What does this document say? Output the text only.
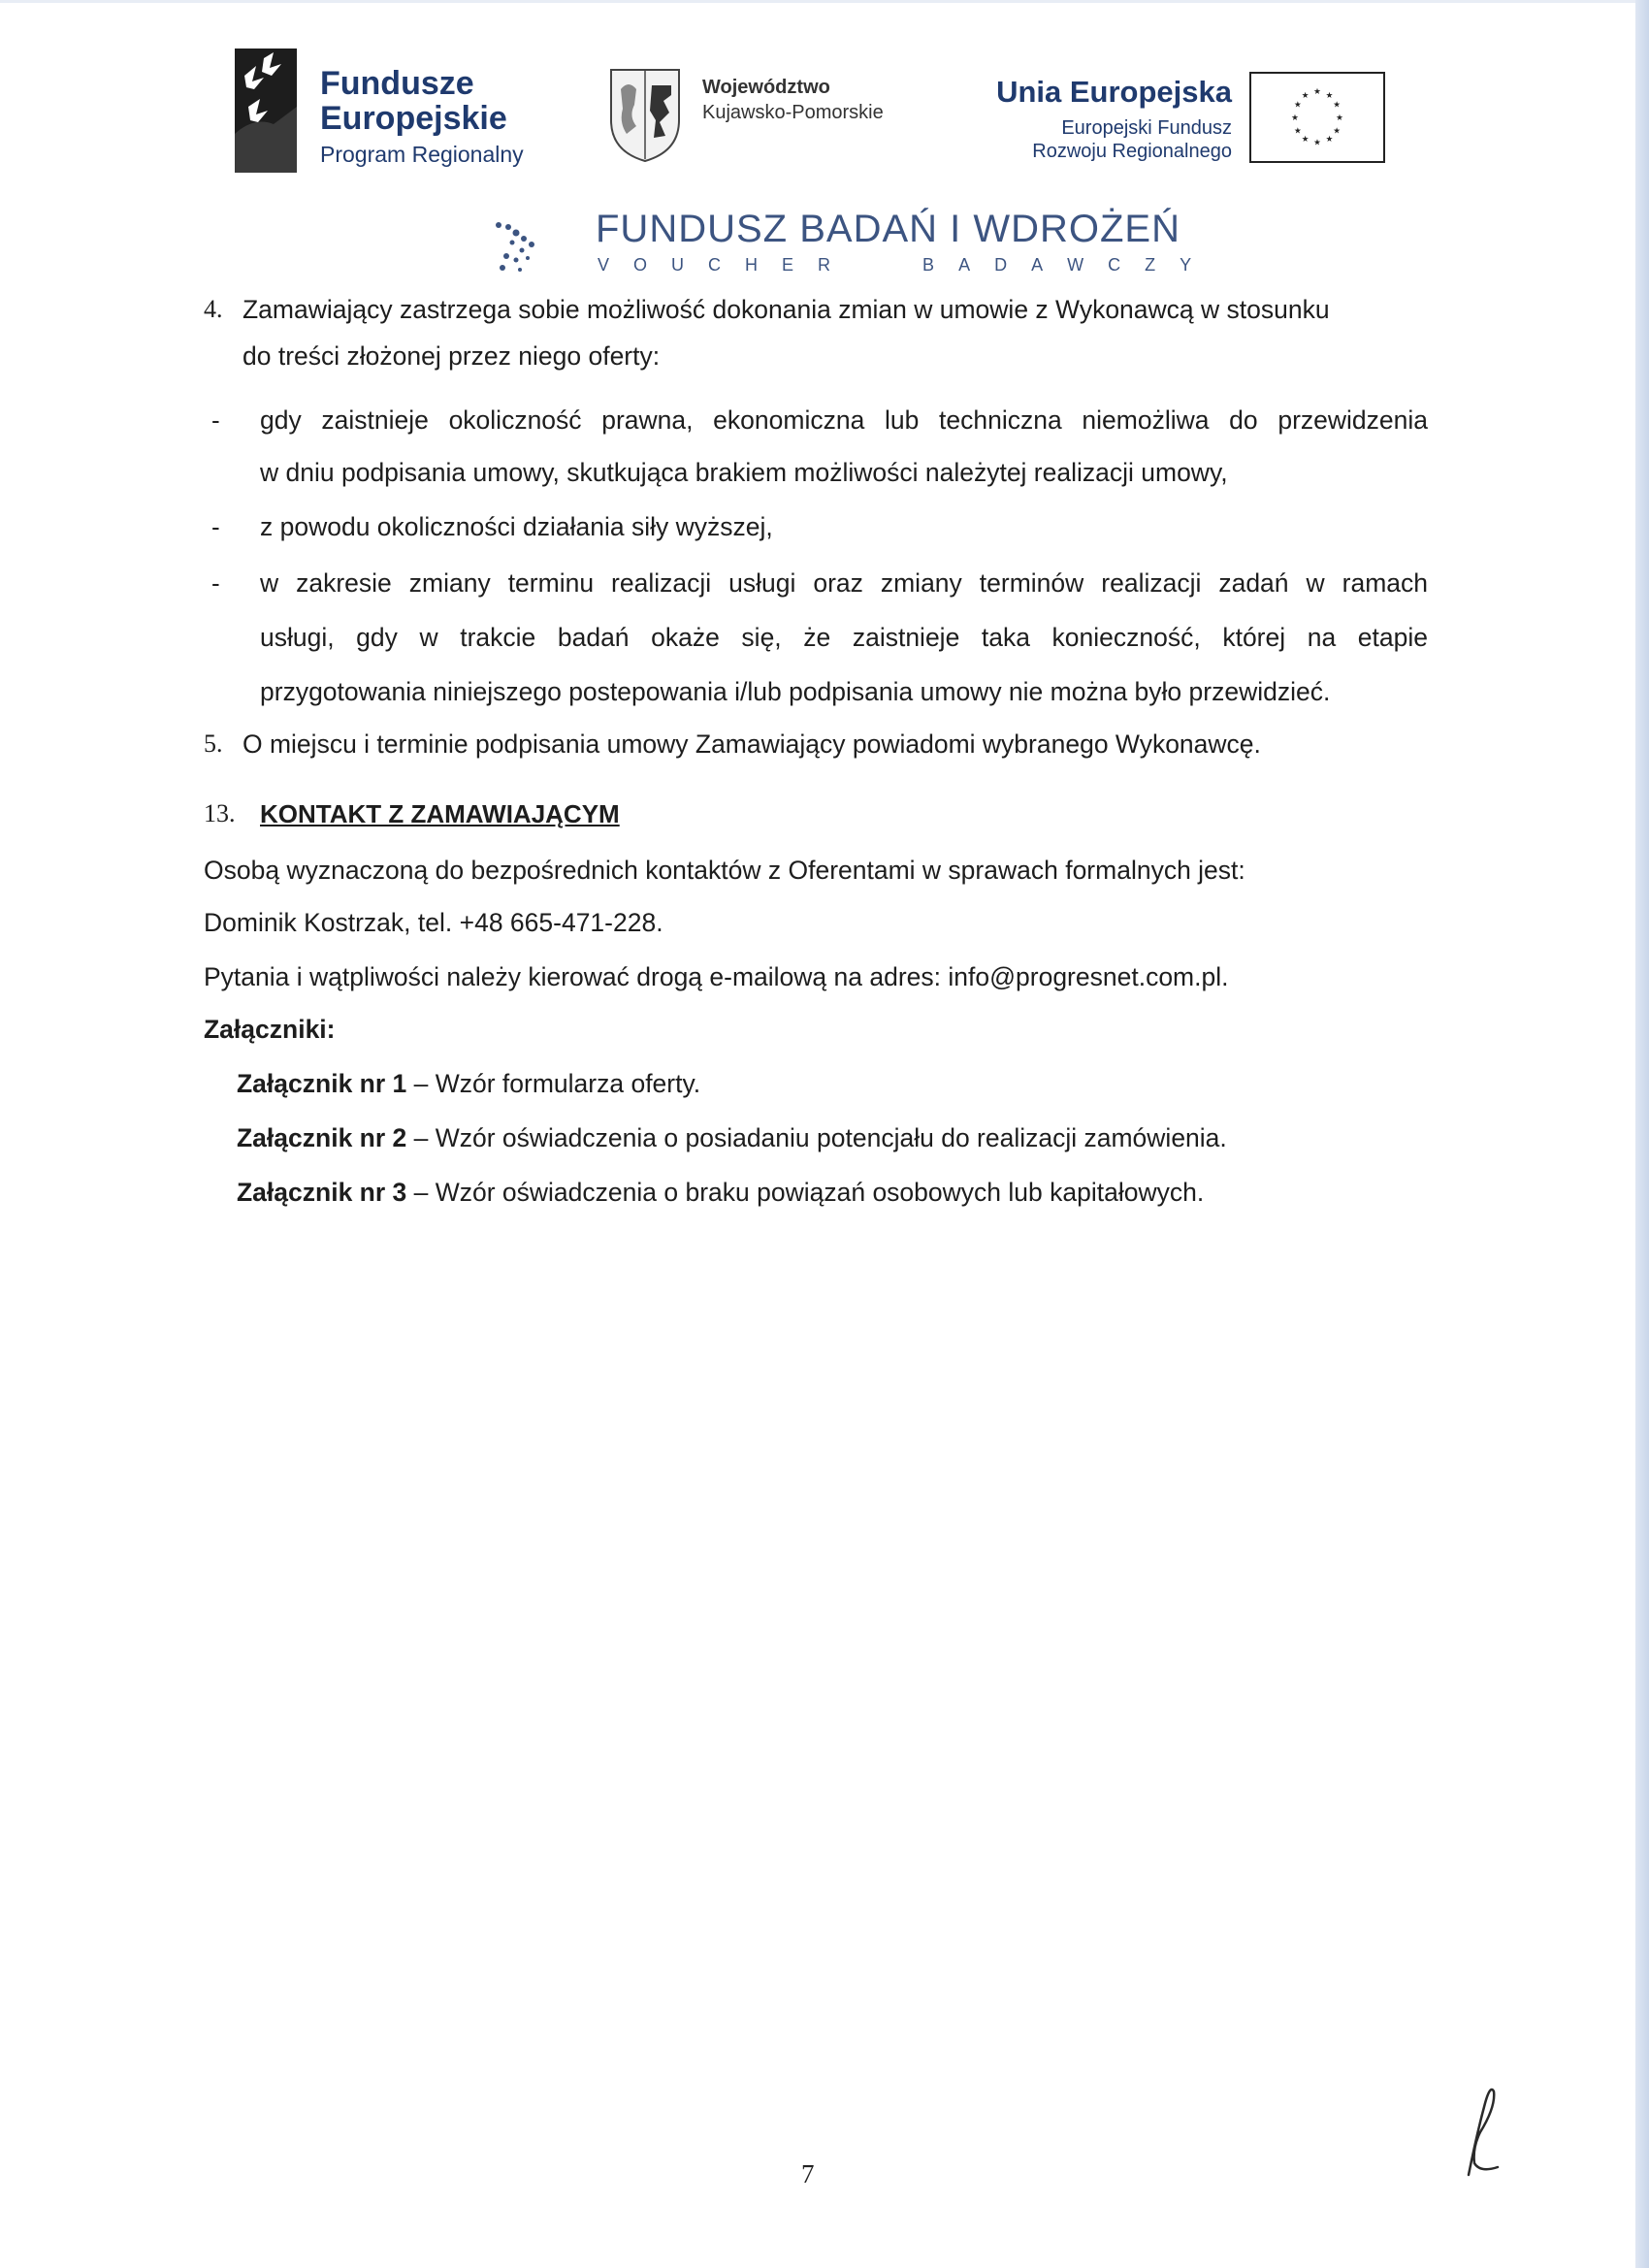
Fundusze
Europejskie
Program Regionalny
Województwo
Kujawsko-Pomorskie
Unia Europejska
Europejski Fundusz
Rozwoju Regionalnego
★ ★
★
★
★
★
★
★
★
★
★
★
FUNDUSZ BADAŃ I WDROŻEŃ
V O U C H E R	B A D A W C Z Y
4. Zamawiający zastrzega sobie możliwość dokonania zmian w umowie z Wykonawcą w stosunku
do treści złożonej przez niego oferty:
- gdy zaistnieje okoliczność prawna, ekonomiczna lub techniczna niemożliwa do przewidzenia
w dniu podpisania umowy, skutkująca brakiem możliwości należytej realizacji umowy,
- z powodu okoliczności działania siły wyższej,
- w zakresie zmiany terminu realizacji usługi oraz zmiany terminów realizacji zadań w ramach
usługi, gdy w trakcie badań okaże się, że zaistnieje taka konieczność, której na etapie
przygotowania niniejszego postepowania i/lub podpisania umowy nie można było przewidzieć.
5. O miejscu i terminie podpisania umowy Zamawiający powiadomi wybranego Wykonawcę.
13. KONTAKT Z ZAMAWIAJĄCYM
Osobą wyznaczoną do bezpośrednich kontaktów z Oferentami w sprawach formalnych jest:
Dominik Kostrzak, tel. +48 665-471-228.
Pytania i wątpliwości należy kierować drogą e-mailową na adres: info@progresnet.com.pl.
Załączniki:
Załącznik nr 1 – Wzór formularza oferty.
Załącznik nr 2 – Wzór oświadczenia o posiadaniu potencjału do realizacji zamówienia.
Załącznik nr 3 – Wzór oświadczenia o braku powiązań osobowych lub kapitałowych.
7
